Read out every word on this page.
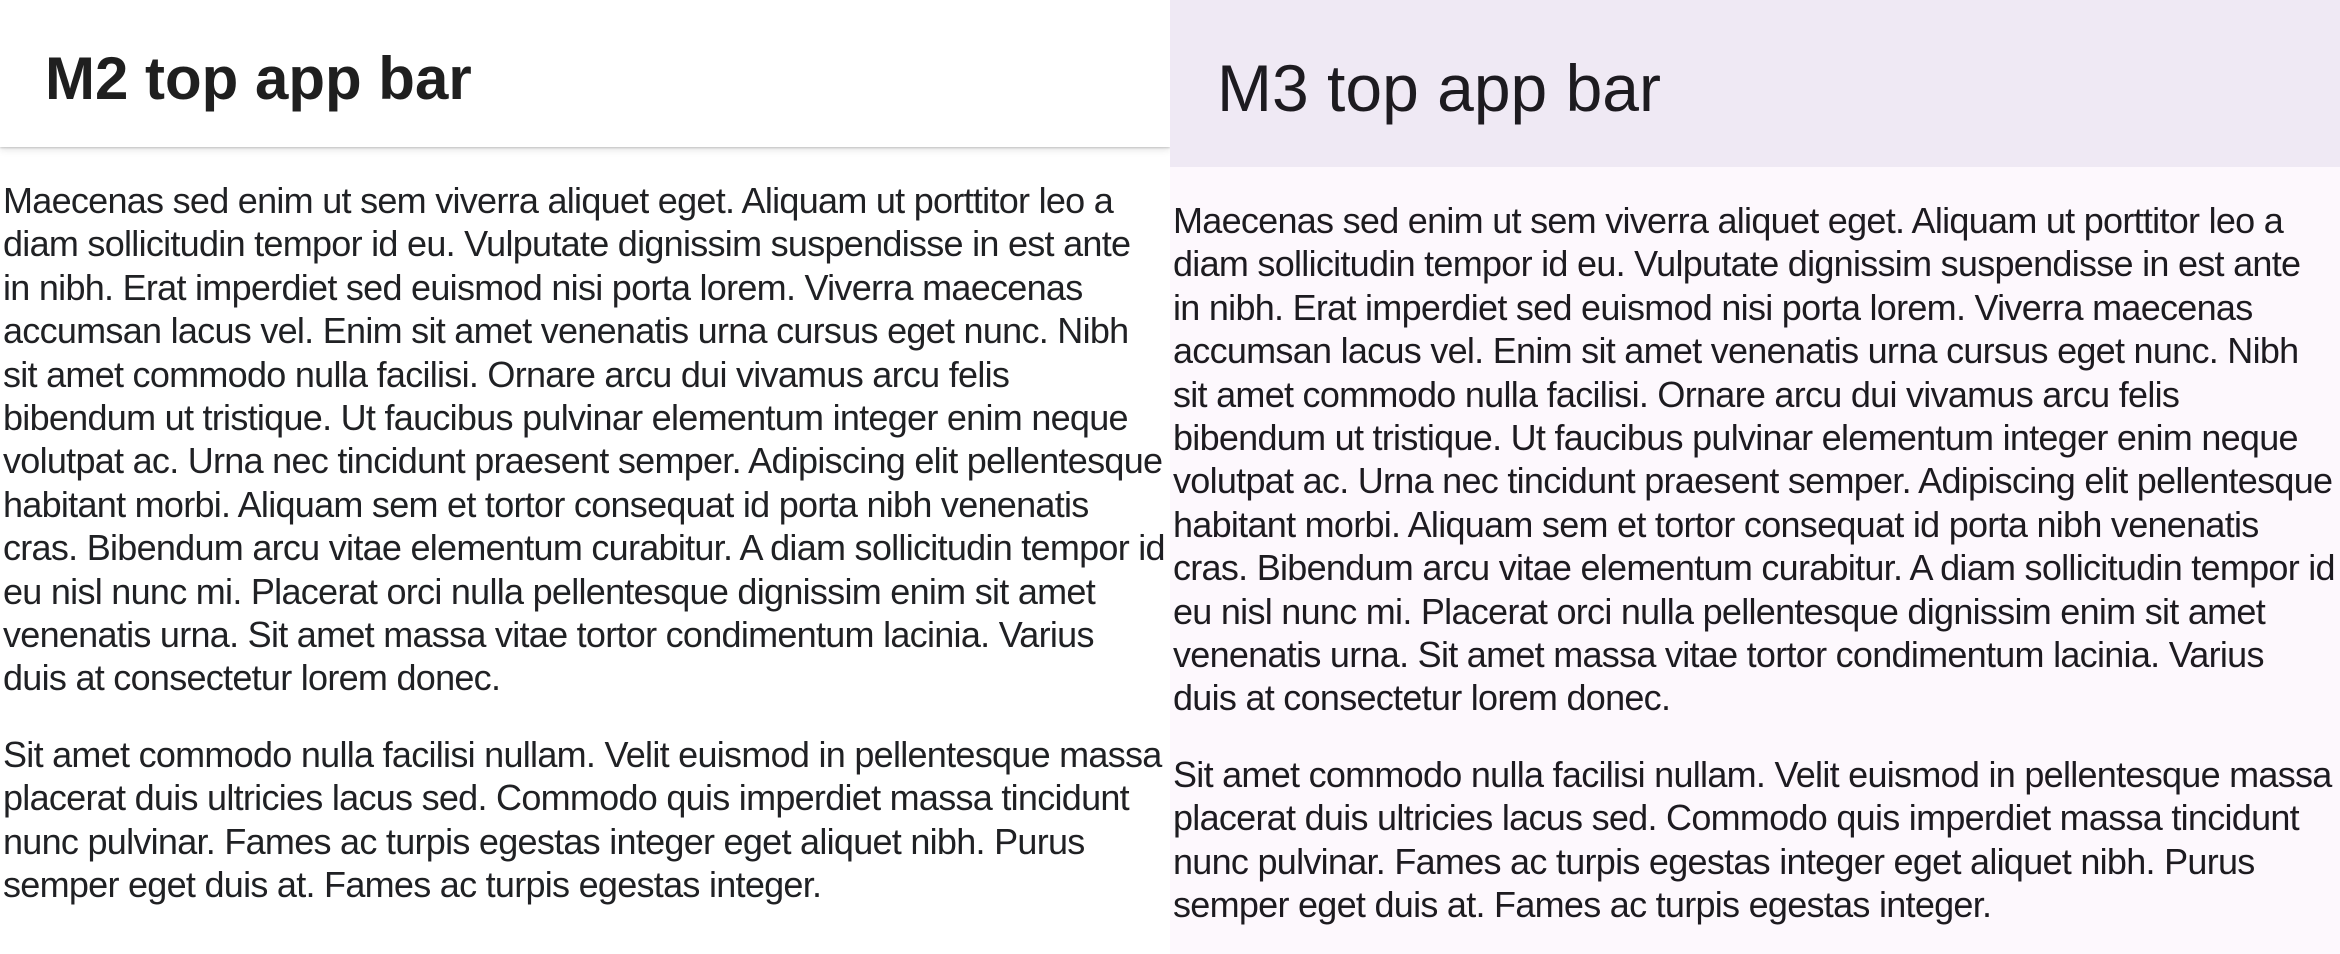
M2 top app bar

Maecenas sed enim ut sem viverra aliquet eget. Aliquam ut porttitor leo a diam sollicitudin tempor id eu. Vulputate dignissim suspendisse in est ante in nibh. Erat imperdiet sed euismod nisi porta lorem. Viverra maecenas accumsan lacus vel. Enim sit amet venenatis urna cursus eget nunc. Nibh sit amet commodo nulla facilisi. Ornare arcu dui vivamus arcu felis bibendum ut tristique. Ut faucibus pulvinar elementum integer enim neque volutpat ac. Urna nec tincidunt praesent semper. Adipiscing elit pellentesque habitant morbi. Aliquam sem et tortor consequat id porta nibh venenatis cras. Bibendum arcu vitae elementum curabitur. A diam sollicitudin tempor id eu nisl nunc mi. Placerat orci nulla pellentesque dignissim enim sit amet venenatis urna. Sit amet massa vitae tortor condimentum lacinia. Varius duis at consectetur lorem donec.

Sit amet commodo nulla facilisi nullam. Velit euismod in pellentesque massa placerat duis ultricies lacus sed. Commodo quis imperdiet massa tincidunt nunc pulvinar. Fames ac turpis egestas integer eget aliquet nibh. Purus semper eget duis at. Fames ac turpis egestas integer.

M3 top app bar

Maecenas sed enim ut sem viverra aliquet eget. Aliquam ut porttitor leo a diam sollicitudin tempor id eu. Vulputate dignissim suspendisse in est ante in nibh. Erat imperdiet sed euismod nisi porta lorem. Viverra maecenas accumsan lacus vel. Enim sit amet venenatis urna cursus eget nunc. Nibh sit amet commodo nulla facilisi. Ornare arcu dui vivamus arcu felis bibendum ut tristique. Ut faucibus pulvinar elementum integer enim neque volutpat ac. Urna nec tincidunt praesent semper. Adipiscing elit pellentesque habitant morbi. Aliquam sem et tortor consequat id porta nibh venenatis cras. Bibendum arcu vitae elementum curabitur. A diam sollicitudin tempor id eu nisl nunc mi. Placerat orci nulla pellentesque dignissim enim sit amet venenatis urna. Sit amet massa vitae tortor condimentum lacinia. Varius duis at consectetur lorem donec.

Sit amet commodo nulla facilisi nullam. Velit euismod in pellentesque massa placerat duis ultricies lacus sed. Commodo quis imperdiet massa tincidunt nunc pulvinar. Fames ac turpis egestas integer eget aliquet nibh. Purus semper eget duis at. Fames ac turpis egestas integer.
